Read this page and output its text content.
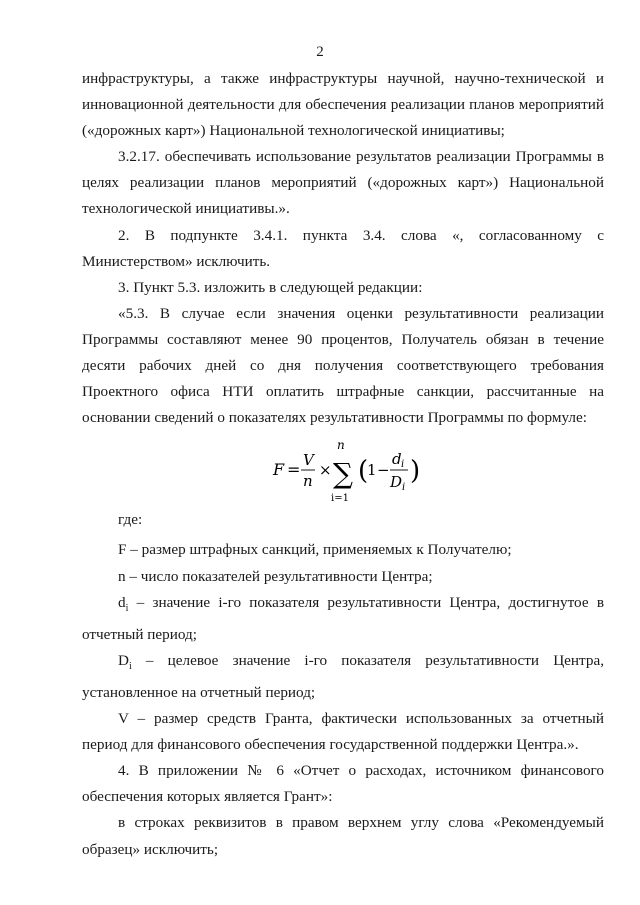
2

инфраструктуры, а также инфраструктуры научной, научно-технической и инновационной деятельности для обеспечения реализации планов мероприятий («дорожных карт») Национальной технологической инициативы;

3.2.17. обеспечивать использование результатов реализации Программы в целях реализации планов мероприятий («дорожных карт») Национальной технологической инициативы.».

2. В подпункте 3.4.1. пункта 3.4. слова «, согласованному с Министерством» исключить.

3. Пункт 5.3. изложить в следующей редакции:

«5.3. В случае если значения оценки результативности реализации Программы составляют менее 90 процентов, Получатель обязан в течение десяти рабочих дней со дня получения соответствующего требования Проектного офиса НТИ оплатить штрафные санкции, рассчитанные на основании сведений о показателях результативности Программы по формуле:

F = V
n
×
n
∑
i=1
(
1 −
d i
D i
)

где:

F – размер штрафных санкций, применяемых к Получателю;

n – число показателей результативности Центра;

$d_i$ – значение i-го показателя результативности Центра, достигнутое в отчетный период;

$D_i$ – целевое значение i-го показателя результативности Центра, установленное на отчетный период;

V – размер средств Гранта, фактически использованных за отчетный период для финансового обеспечения государственной поддержки Центра.».

4. В приложении № 6 «Отчет о расходах, источником финансового обеспечения которых является Грант»:

в строках реквизитов в правом верхнем углу слова «Рекомендуемый образец» исключить;
